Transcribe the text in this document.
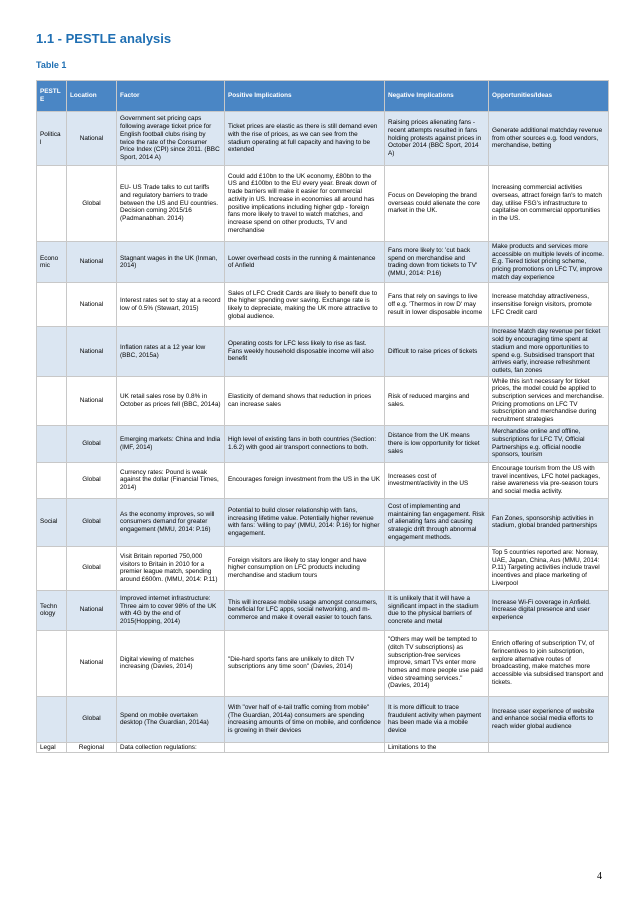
1.1 - PESTLE analysis
Table 1
PESTLE	Location	Factor	Positive Implications	Negative Implications	Opportunities/Ideas
Politica l	National	Government set pricing caps following average ticket price for English football clubs rising by twice the rate of the Consumer Price Index (CPI) since 2011. (BBC Sport, 2014 A)	Ticket prices are elastic as there is still demand even with the rise of prices, as we can see from the stadium operating at full capacity and having to be extended	Raising prices alienating fans -recent attempts resulted in fans holding protests against prices in October 2014 (BBC Sport, 2014 A)	Generate additional matchday revenue from other sources e.g. food vendors, merchandise, betting
	Global	EU- US Trade talks to cut tariffs and regulatory barriers to trade between the US and EU countries. Decision coming 2015/16 (Padmanabhan. 2014)	Could add £10bn to the UK economy, £80bn to the US and £100bn to the EU every year. Break down of trade barriers will make it easier for commercial activity in US. Increase in economies all around has positive implications including higher gdp - foreign fans more likely to travel to watch matches, and increase spend on other products, TV and merchandise	Focus on Developing the brand overseas could alienate the core market in the UK.	Increasing commercial activities overseas, attract foreign fan's to match day, utilise FSG's infrastructure to capitalise on commercial opportunities in the US.
Econo mic	National	Stagnant wages in the UK (Inman, 2014)	Lower overhead costs in the running & maintenance of Anfield	Fans more likely to: 'cut back spend on merchandise and trading down from tickets to TV' (MMU, 2014: P.16)	Make products and services more accessible on multiple levels of income. E.g. Tiered ticket pricing scheme, pricing promotions on LFC TV, improve match day experience
	National	Interest rates set to stay at a record low of 0.5% (Stewart, 2015)	Sales of LFC Credit Cards are likely to benefit due to the higher spending over saving. Exchange rate is likely to depreciate, making the UK more attractive to global audience.	Fans that rely on savings to live off e.g. 'Thermos in row D' may result in lower disposable income	Increase matchday attractiveness, insensitise foreign visitors, promote LFC Credit card
	National	Inflation rates at a 12 year low (BBC, 2015a)	Operating costs for LFC less likely to rise as fast. Fans weekly household disposable income will also benefit	Difficult to raise prices of tickets	Increase Match day revenue per ticket sold by encouraging time spent at stadium and more opportunities to spend e.g. Subsidised transport that arrives early, increase refreshment outlets, fan zones
	National	UK retail sales rose by 0.8% in October as prices fell (BBC, 2014a)	Elasticity of demand shows that reduction in prices can increase sales	Risk of reduced margins and sales.	While this isn't necessary for ticket prices, the model could be applied to subscription services and merchandise. Pricing promotions on LFC TV subscription and merchandise during recruitment strategies
	Global	Emerging markets: China and India (IMF, 2014)	High level of existing fans in both countries (Section: 1.6.2) with good air transport connections to both.	Distance from the UK means there is low opportunity for ticket sales	Merchandise online and offline, subscriptions for LFC TV, Official Partnerships e.g. official noodle sponsors, tourism
	Global	Currency rates: Pound is weak against the dollar (Financial Times, 2014)	Encourages foreign investment from the US in the UK	Increases cost of investment/activity in the US	Encourage tourism from the US with travel incentives, LFC hotel packages, raise awareness via pre-season tours and social media activity.
Social	Global	As the economy improves, so will consumers demand for greater engagement (MMU, 2014: P.16)	Potential to build closer relationship with fans, increasing lifetime value. Potentially higher revenue with fans: 'willing to pay' (MMU, 2014: P.16) for higher engagement.	Cost of implementing and maintaining fan engagement. Risk of alienating fans and causing strategic drift through abnormal engagement methods.	Fan Zones, sponsorship activities in stadium, global branded partnerships
	Global	Visit Britain reported 750,000 visitors to Britain in 2010 for a premier league match, spending around £600m. (MMU, 2014: P.11)	Foreign visitors are likely to stay longer and have higher consumption on LFC products including merchandise and stadium tours		Top 5 countries reported are: Norway, UAE, Japan, China, Aus (MMU, 2014: P.11) Targeting activities include travel incentives and place marketing of Liverpool
Techn ology	National	Improved internet infrastructure: Three aim to cover 98% of the UK with 4G by the end of 2015(Hopping, 2014)	This will increase mobile usage amongst consumers, beneficial for LFC apps, social networking, and m-commerce and make it overall easier to touch fans.	It is unlikely that it will have a significant impact in the stadium due to the physical barriers of concrete and metal	Increase Wi-Fi coverage in Anfield. Increase digital presence and user experience
	National	Digital viewing of matches increasing (Davies, 2014)	"Die-hard sports fans are unlikely to ditch TV subscriptions any time soon" (Davies, 2014)	"Others may well be tempted to (ditch TV subscriptions) as subscription-free services improve, smart TVs enter more homes and more people use paid video streaming services." (Davies, 2014)	Enrich offering of subscription TV, of ferincentives to join subscription, explore alternative routes of broadcasting, make matches more accessible via subsidised transport and tickets.
	Global	Spend on mobile overtaken desktop (The Guardian, 2014a)	With "over half of e-tail traffic coming from mobile" (The Guardian, 2014a) consumers are spending increasing amounts of time on mobile, and confidence is growing in their devices	It is more difficult to trace fraudulent activity when payment has been made via a mobile device	Increase user experience of website and enhance social media efforts to reach wider global audience
Legal	Regional	Data collection regulations:		Limitations to the	
4
